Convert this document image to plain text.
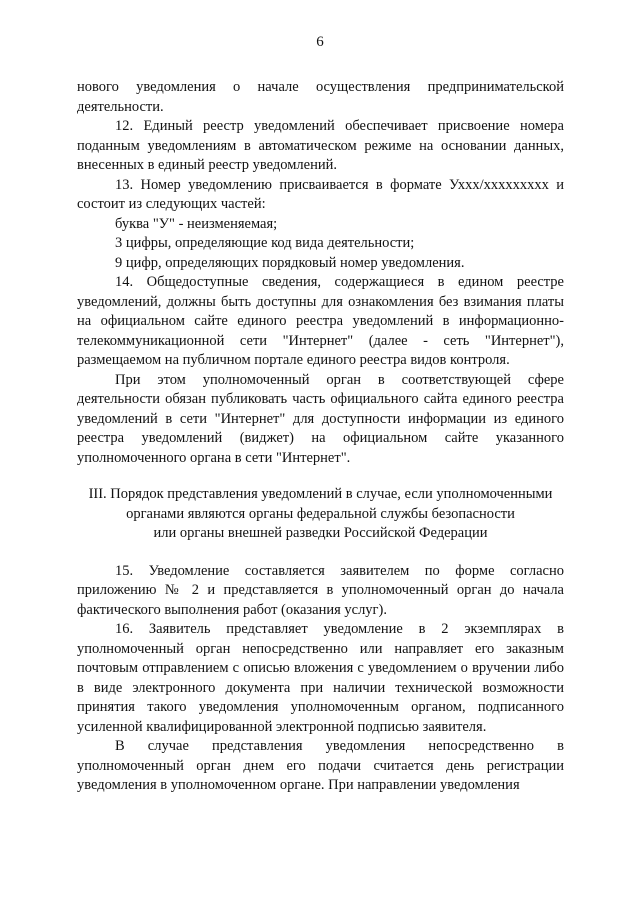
6

нового уведомления о начале осуществления предпринимательской деятельности.

12. Единый реестр уведомлений обеспечивает присвоение номера поданным уведомлениям в автоматическом режиме на основании данных, внесенных в единый реестр уведомлений.

13. Номер уведомлению присваивается в формате Уххх/ххххххххх и состоит из следующих частей:

буква "У" - неизменяемая;

3 цифры, определяющие код вида деятельности;

9 цифр, определяющих порядковый номер уведомления.

14. Общедоступные сведения, содержащиеся в едином реестре уведомлений, должны быть доступны для ознакомления без взимания платы на официальном сайте единого реестра уведомлений в информационно-телекоммуникационной сети "Интернет" (далее - сеть "Интернет"), размещаемом на публичном портале единого реестра видов контроля.

При этом уполномоченный орган в соответствующей сфере деятельности обязан публиковать часть официального сайта единого реестра уведомлений в сети "Интернет" для доступности информации из единого реестра уведомлений (виджет) на официальном сайте указанного уполномоченного органа в сети "Интернет".

III. Порядок представления уведомлений в случае, если уполномоченными
органами являются органы федеральной службы безопасности
или органы внешней разведки Российской Федерации

15. Уведомление составляется заявителем по форме согласно приложению № 2 и представляется в уполномоченный орган до начала фактического выполнения работ (оказания услуг).

16. Заявитель представляет уведомление в 2 экземплярах в уполномоченный орган непосредственно или направляет его заказным почтовым отправлением с описью вложения с уведомлением о вручении либо в виде электронного документа при наличии технической возможности принятия такого уведомления уполномоченным органом, подписанного усиленной квалифицированной электронной подписью заявителя.

В случае представления уведомления непосредственно в уполномоченный орган днем его подачи считается день регистрации уведомления в уполномоченном органе. При направлении уведомления
